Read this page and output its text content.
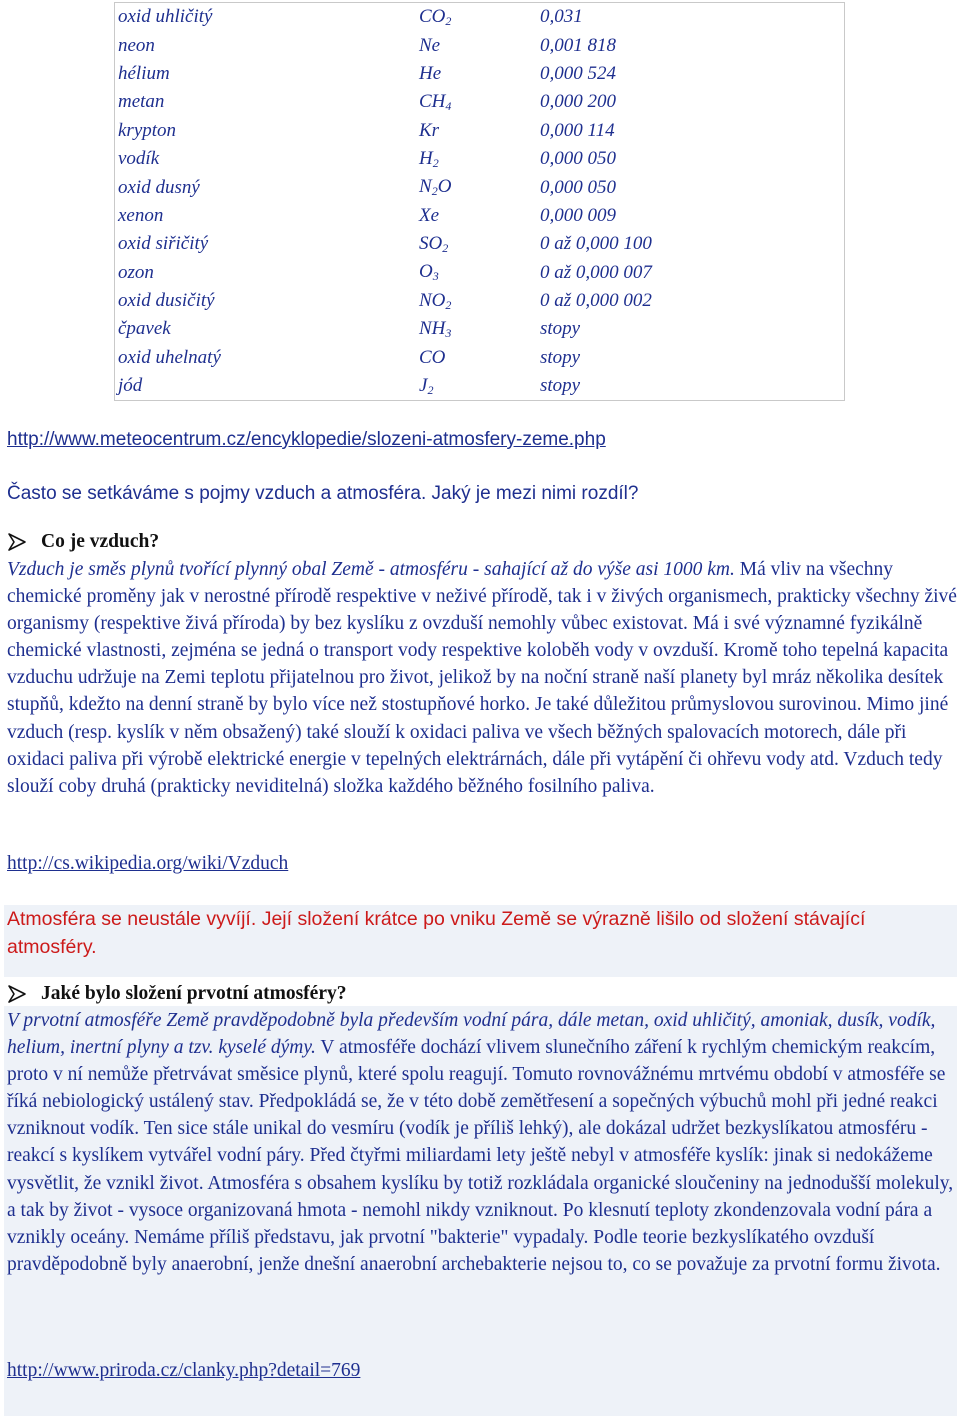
oxid uhličitý	$CO_2$	0,031
neon	Ne	0,001 818
hélium	He	0,000 524
metan	$CH_4$	0,000 200
krypton	Kr	0,000 114
vodík	$H_2$	0,000 050
oxid dusný	$N_2O$	0,000 050
xenon	Xe	0,000 009
oxid siřičitý	$SO_2$	0 až 0,000 100
ozon	$O_3$	0 až 0,000 007
oxid dusičitý	$NO_2$	0 až 0,000 002
čpavek	$NH_3$	stopy
oxid uhelnatý	CO	stopy
jód	$J_2$	stopy
http://www.meteocentrum.cz/encyklopedie/slozeni-atmosfery-zeme.php
Často se setkáváme s pojmy vzduch a atmosféra. Jaký je mezi nimi rozdíl?
Co je vzduch?
Vzduch je směs plynů tvořící plynný obal Země - atmosféru - sahající až do výše asi 1000 km. Má vliv na všechny chemické proměny jak v nerostné přírodě respektive v neživé přírodě, tak i v živých organismech, prakticky všechny živé organismy (respektive živá příroda) by bez kyslíku z ovzduší nemohly vůbec existovat. Má i své významné fyzikálně chemické vlastnosti, zejména se jedná o transport vody respektive koloběh vody v ovzduší. Kromě toho tepelná kapacita vzduchu udržuje na Zemi teplotu přijatelnou pro život, jelikož by na noční straně naší planety byl mráz několika desítek stupňů, kdežto na denní straně by bylo více než stostupňové horko. Je také důležitou průmyslovou surovinou. Mimo jiné vzduch (resp. kyslík v něm obsažený) také slouží k oxidaci paliva ve všech běžných spalovacích motorech, dále při oxidaci paliva při výrobě elektrické energie v tepelných elektrárnách, dále při vytápění či ohřevu vody atd. Vzduch tedy slouží coby druhá (prakticky neviditelná) složka každého běžného fosilního paliva.
http://cs.wikipedia.org/wiki/Vzduch
Atmosféra se neustále vyvíjí. Její složení krátce po vniku Země se výrazně lišilo od složení stávající atmosféry.
Jaké bylo složení prvotní atmosféry?
V prvotní atmosféře Země pravděpodobně byla především vodní pára, dále metan, oxid uhličitý, amoniak, dusík, vodík, helium, inertní plyny a tzv. kyselé dýmy. V atmosféře dochází vlivem slunečního záření k rychlým chemickým reakcím, proto v ní nemůže přetrvávat směsice plynů, které spolu reagují. Tomuto rovnovážnému mrtvému období v atmosféře se říká nebiologický ustálený stav. Předpokládá se, že v této době zemětřesení a sopečných výbuchů mohl při jedné reakci vzniknout vodík. Ten sice stále unikal do vesmíru (vodík je příliš lehký), ale dokázal udržet bezkyslíkatou atmosféru - reakcí s kyslíkem vytvářel vodní páry. Před čtyřmi miliardami lety ještě nebyl v atmosféře kyslík: jinak si nedokážeme vysvětlit, že vznikl život. Atmosféra s obsahem kyslíku by totiž rozkládala organické sloučeniny na jednodušší molekuly, a tak by život - vysoce organizovaná hmota - nemohl nikdy vzniknout. Po klesnutí teploty zkondenzovala vodní pára a vznikly oceány. Nemáme příliš představu, jak prvotní "bakterie" vypadaly. Podle teorie bezkyslíkatého ovzduší pravděpodobně byly anaerobní, jenže dnešní anaerobní archebakterie nejsou to, co se považuje za prvotní formu života.
http://www.priroda.cz/clanky.php?detail=769
